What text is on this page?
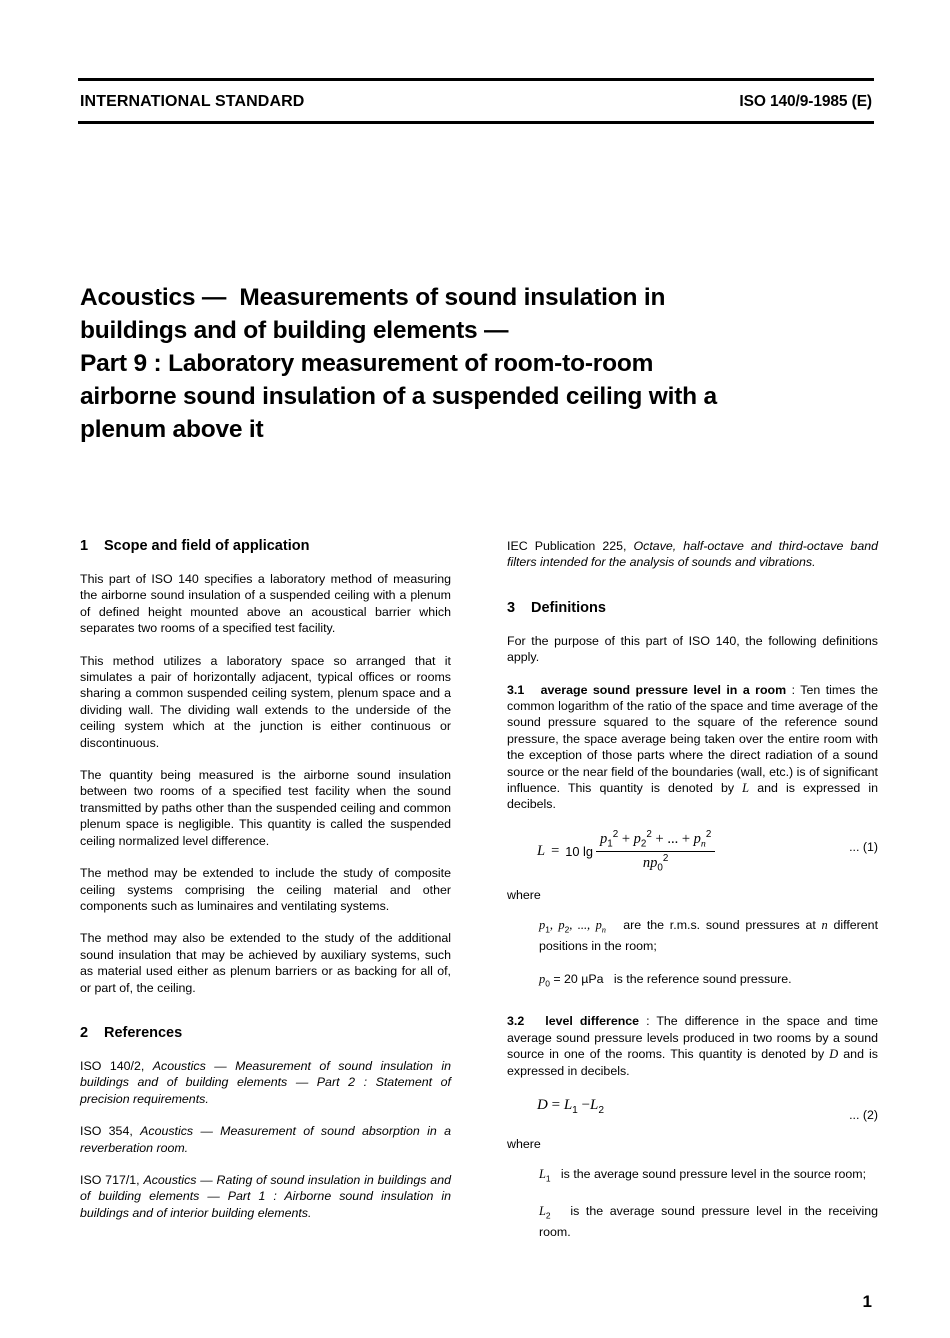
INTERNATIONAL STANDARD	ISO 140/9-1985 (E)
Acoustics —  Measurements of sound insulation in
buildings and of building elements —
Part 9 : Laboratory measurement of room-to-room
airborne sound insulation of a suspended ceiling with a
plenum above it
1 Scope and field of application

This part of ISO 140 specifies a laboratory method of measuring the airborne sound insulation of a suspended ceiling with a plenum of defined height mounted above an acoustical barrier which separates two rooms of a specified test facility.

This method utilizes a laboratory space so arranged that it simulates a pair of horizontally adjacent, typical offices or rooms sharing a common suspended ceiling system, plenum space and a dividing wall. The dividing wall extends to the underside of the ceiling system which at the junction is either continuous or discontinuous.

The quantity being measured is the airborne sound insulation between two rooms of a specified test facility when the sound transmitted by paths other than the suspended ceiling and common plenum space is negligible. This quantity is called the suspended ceiling normalized level difference.

The method may be extended to include the study of composite ceiling systems comprising the ceiling material and other components such as luminaires and ventilating systems.

The method may also be extended to the study of the additional sound insulation that may be achieved by auxiliary systems, such as material used either as plenum barriers or as backing for all of, or part of, the ceiling.

2 References

ISO 140/2, Acoustics — Measurement of sound insulation in buildings and of building elements — Part 2 : Statement of precision requirements.

ISO 354, Acoustics — Measurement of sound absorption in a reverberation room.

ISO 717/1, Acoustics — Rating of sound insulation in buildings and of building elements — Part 1 : Airborne sound insulation in buildings and of interior building elements.

IEC Publication 225, Octave, half-octave and third-octave band filters intended for the analysis of sounds and vibrations.

3 Definitions

For the purpose of this part of ISO 140, the following definitions apply.

3.1 average sound pressure level in a room : Ten times the common logarithm of the ratio of the space and time average of the sound pressure squared to the square of the reference sound pressure, the space average being taken over the entire room with the exception of those parts where the direct radiation of a sound source or the near field of the boundaries (wall, etc.) is of significant influence. This quantity is denoted by L and is expressed in decibels.

L = 10 $\lg \frac{p_1^2 + p_2^2 + ... + p_n^2}{np_0^2}$	... (1)

where

$p_1$, $p_2$, ..., $p_n$ are the r.m.s. sound pressures at n different positions in the room;

$p_0 = 20$ µPa is the reference sound pressure.

3.2 level difference : The difference in the space and time average sound pressure levels produced in two rooms by a sound source in one of the rooms. This quantity is denoted by D and is expressed in decibels.

$D = L_1 -L_2$	... (2)

where

$L_1$ is the average sound pressure level in the source room;

$L_2$ is the average sound pressure level in the receiving room.

1
